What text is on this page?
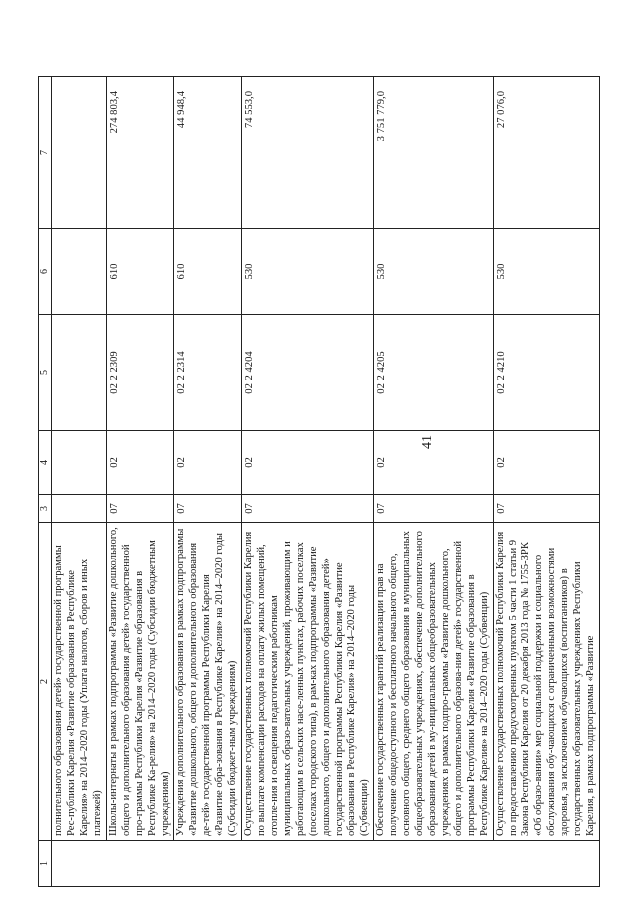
41
1	2	3	4	5	6	7
	полнительного образования детей» государственной программы Рес-публики Карелия «Развитие образования в Республике Карелия» на 2014–2020 годы (Уплата налогов, сборов и иных платежей)					
	Школы-интернаты в рамках подпрограммы «Развитие дошкольного, общего и дополнительного образования детей» государственной про-граммы Республики Карелия «Развитие образования в Республике Ка-релия» на 2014–2020 годы (Субсидии бюджетным учреждениям)	07	02	02 2 2309	610	274 803,4
	Учреждения дополнительного образования в рамках подпрограммы «Развитие дошкольного, общего и дополнительного образования де-тей» государственной программы Республики Карелия «Развитие обра-зования в Республике Карелия» на 2014–2020 годы (Субсидии бюджет-ным учреждениям)	07	02	02 2 2314	610	44 948,4
	Осуществление государственных полномочий Республики Карелия по выплате компенсации расходов на оплату жилых помещений, отопле-ния и освещения педагогическим работникам муниципальных образо-вательных учреждений, проживающим и работающим в сельских насе-ленных пунктах, рабочих поселках (поселках городского типа), в рам-ках подпрограммы «Развитие дошкольного, общего и дополнительного образования детей» государственной программы Республики Карелия «Развитие образования в Республике Карелия» на 2014–2020 годы (Субвенции)	07	02	02 2 4204	530	74 553,0
	Обеспечение государственных гарантий реализации прав на получение общедоступного и бесплатного начального общего, основного общего, среднего общего образования в муниципальных общеобразовательных учреждениях, обеспечение дополнительного образования детей в му-ниципальных общеобразовательных учреждениях в рамках подпро-граммы «Развитие дошкольного, общего и дополнительного образова-ния детей» государственной программы Республики Карелия «Развитие образования в Республике Карелия» на 2014–2020 годы (Субвенции)	07	02	02 2 4205	530	3 751 779,0
	Осуществление государственных полномочий Республики Карелия по предоставлению предусмотренных пунктом 5 части 1 статьи 9 Закона Республики Карелия от 20 декабря 2013 года № 1755-ЗРК «Об образо-вании» мер социальной поддержки и социального обслуживания обу-чающихся с ограниченными возможностями здоровья, за исключением обучающихся (воспитанников) в государственных образовательных учреждениях Республики Карелия, в рамках подпрограммы «Развитие	07	02	02 2 4210	530	27 076,0
